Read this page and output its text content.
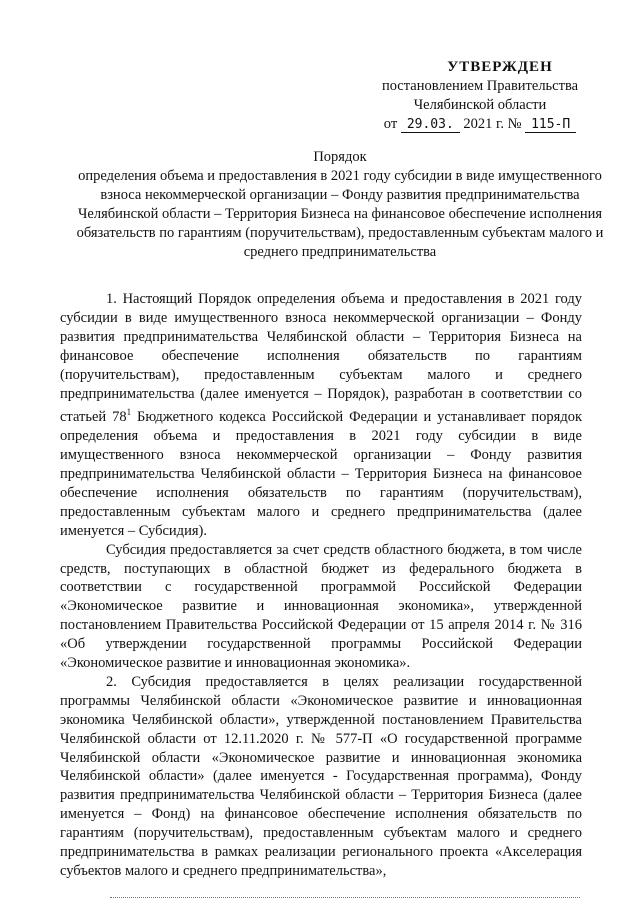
УТВЕРЖДЕН
постановлением Правительства
Челябинской области
от 29.03. 2021 г. № 115-П
Порядок
определения объема и предоставления в 2021 году субсидии в виде имущественного взноса некоммерческой организации – Фонду развития предпринимательства Челябинской области – Территория Бизнеса на финансовое обеспечение исполнения обязательств по гарантиям (поручительствам), предоставленным субъектам малого и среднего предпринимательства

1. Настоящий Порядок определения объема и предоставления в 2021 году субсидии в виде имущественного взноса некоммерческой организации – Фонду развития предпринимательства Челябинской области – Территория Бизнеса на финансовое обеспечение исполнения обязательств по гарантиям (поручительствам), предоставленным субъектам малого и среднего предпринимательства (далее именуется – Порядок), разработан в соответствии со статьей $78^1$ Бюджетного кодекса Российской Федерации и устанавливает порядок определения объема и предоставления в 2021 году субсидии в виде имущественного взноса некоммерческой организации – Фонду развития предпринимательства Челябинской области – Территория Бизнеса на финансовое обеспечение исполнения обязательств по гарантиям (поручительствам), предоставленным субъектам малого и среднего предпринимательства (далее именуется – Субсидия).

Субсидия предоставляется за счет средств областного бюджета, в том числе средств, поступающих в областной бюджет из федерального бюджета в соответствии с государственной программой Российской Федерации «Экономическое развитие и инновационная экономика», утвержденной постановлением Правительства Российской Федерации от 15 апреля 2014 г. № 316 «Об утверждении государственной программы Российской Федерации «Экономическое развитие и инновационная экономика».

2. Субсидия предоставляется в целях реализации государственной программы Челябинской области «Экономическое развитие и инновационная экономика Челябинской области», утвержденной постановлением Правительства Челябинской области от 12.11.2020 г. № 577-П «О государственной программе Челябинской области «Экономическое развитие и инновационная экономика Челябинской области» (далее именуется - Государственная программа), Фонду развития предпринимательства Челябинской области – Территория Бизнеса (далее именуется – Фонд) на финансовое обеспечение исполнения обязательств по гарантиям (поручительствам), предоставленным субъектам малого и среднего предпринимательства в рамках реализации регионального проекта «Акселерация субъектов малого и среднего предпринимательства»,
